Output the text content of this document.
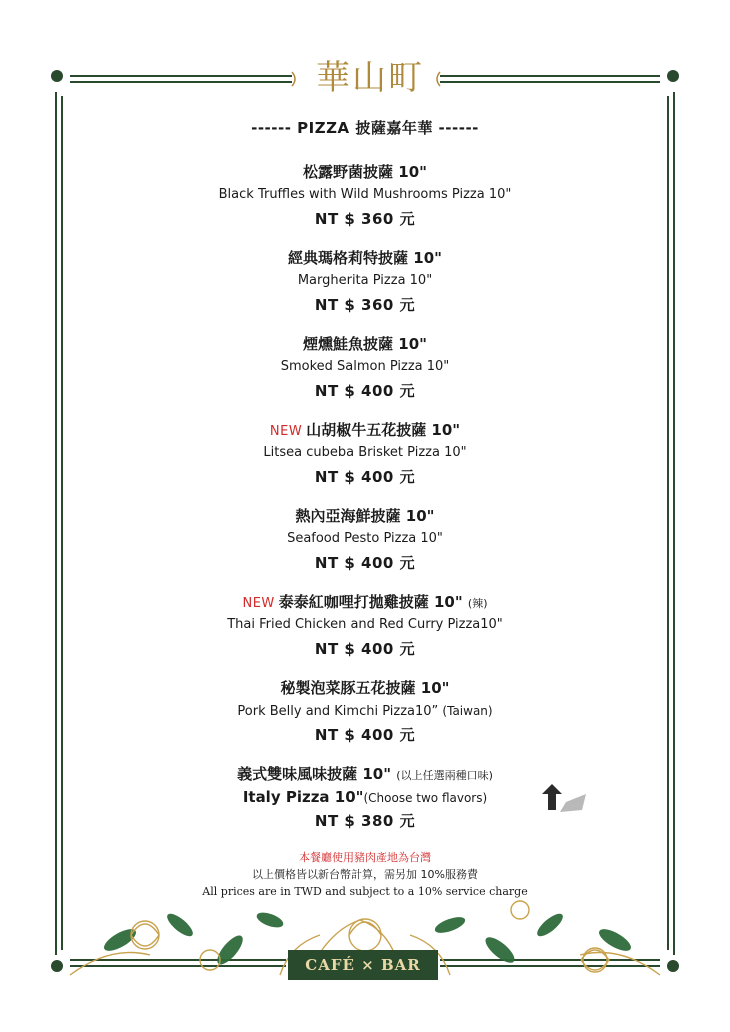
華山町
------ PIZZA 披薩嘉年華 ------
松露野菌披薩 10"
Black Truffles with Wild Mushrooms Pizza 10"
NT $ 360 元
經典瑪格莉特披薩 10"
Margherita Pizza 10"
NT $ 360 元
煙燻鮭魚披薩 10"
Smoked Salmon Pizza 10"
NT $ 400 元
NEW 山胡椒牛五花披薩 10"
Litsea cubeba Brisket Pizza 10"
NT $ 400 元
熱內亞海鮮披薩 10"
Seafood Pesto Pizza 10"
NT $ 400 元
NEW 泰泰紅咖哩打拋雞披薩 10" (辣)
Thai Fried Chicken and Red Curry Pizza10"
NT $ 400 元
秘製泡菜豚五花披薩 10"
Pork Belly and Kimchi Pizza10” (Taiwan)
NT $ 400 元
義式雙味風味披薩 10" (以上任選兩種口味)
Italy Pizza 10"(Choose two flavors)
NT $ 380 元
本餐廳使用豬肉產地為台灣
以上價格皆以新台幣計算，需另加 10%服務費
All prices are in TWD and subject to a 10% service charge
CAFÉ × BAR
